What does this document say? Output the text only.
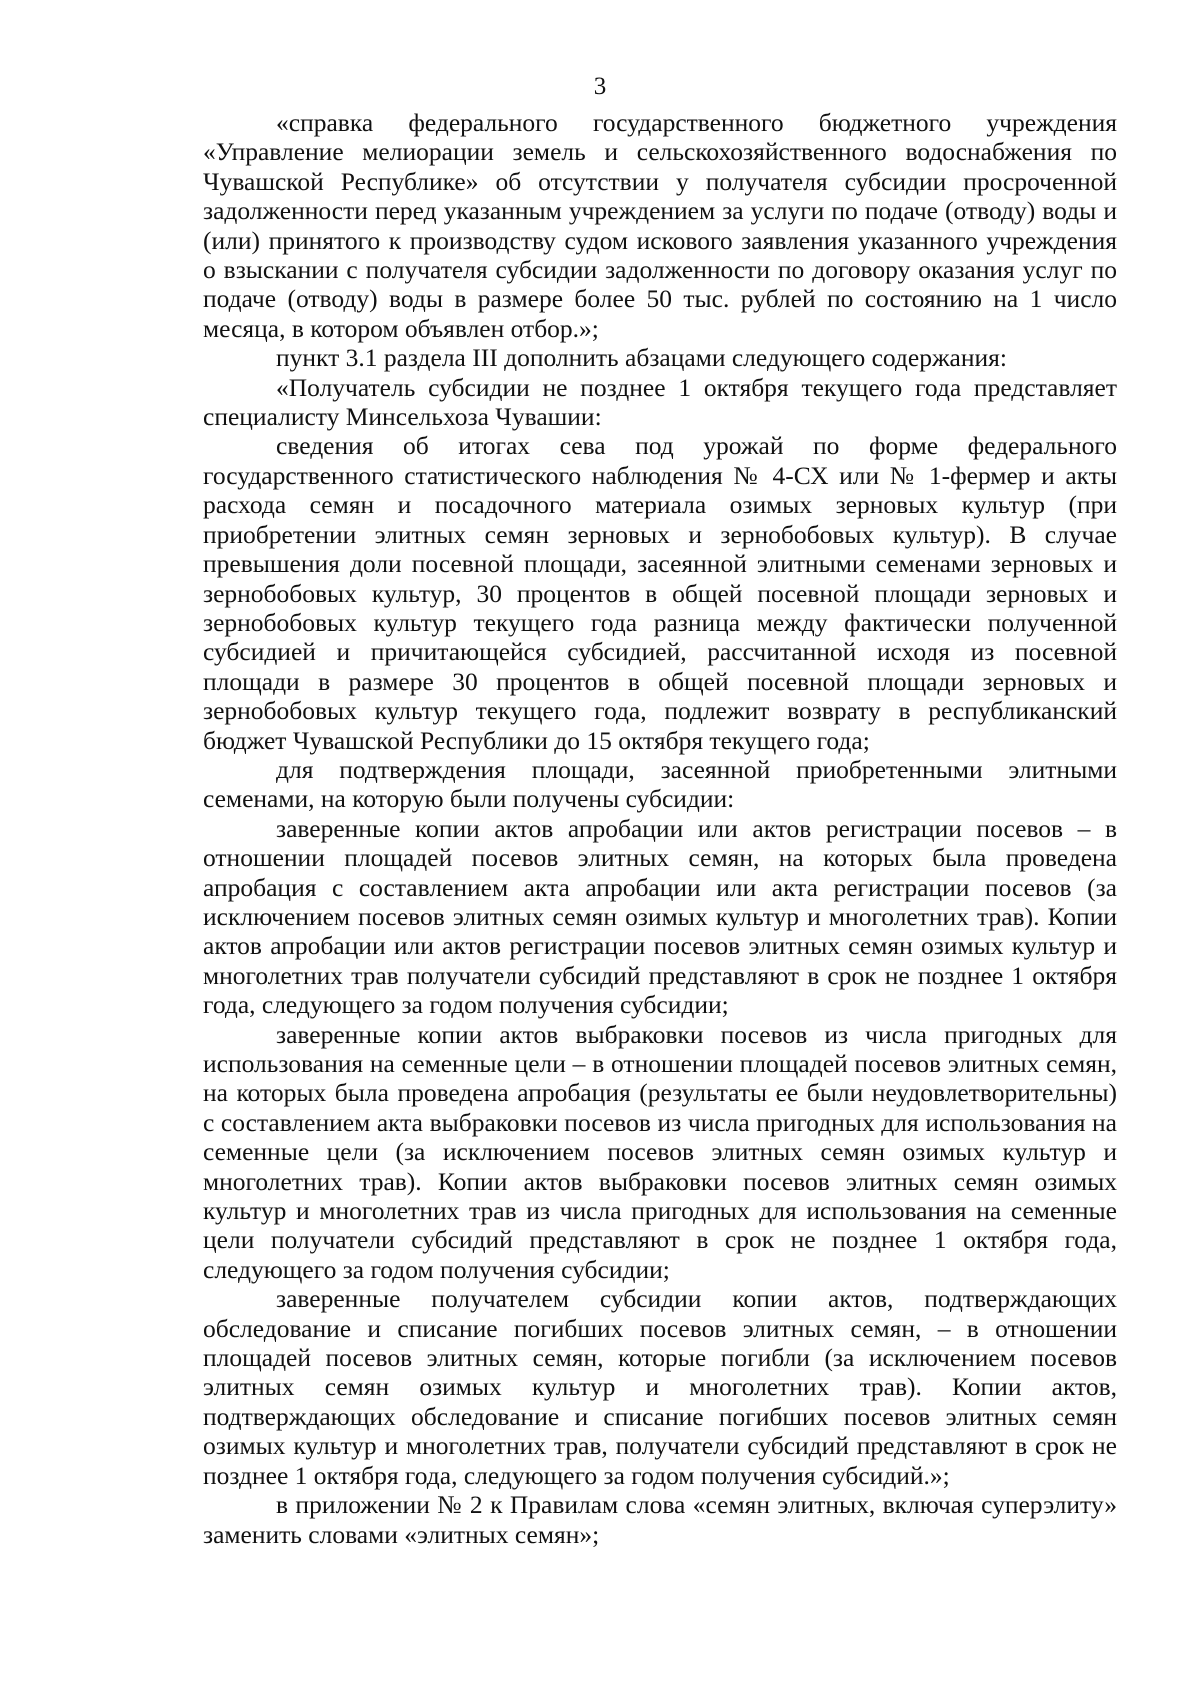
3

«справка федерального государственного бюджетного учреждения «Управление мелиорации земель и сельскохозяйственного водоснабжения по Чувашской Республике» об отсутствии у получателя субсидии просроченной задолженности перед указанным учреждением за услуги по подаче (отводу) воды и (или) принятого к производству судом искового заявления указанного учреждения о взыскании с получателя субсидии задолженности по договору оказания услуг по подаче (отводу) воды в размере более 50 тыс. рублей по состоянию на 1 число месяца, в котором объявлен отбор.»;

пункт 3.1 раздела III дополнить абзацами следующего содержания:

«Получатель субсидии не позднее 1 октября текущего года представляет специалисту Минсельхоза Чувашии:

сведения об итогах сева под урожай по форме федерального государственного статистического наблюдения № 4-СХ или № 1-фермер и акты расхода семян и посадочного материала озимых зерновых культур (при приобретении элитных семян зерновых и зернобобовых культур). В случае превышения доли посевной площади, засеянной элитными семенами зерновых и зернобобовых культур, 30 процентов в общей посевной площади зерновых и зернобобовых культур текущего года разница между фактически полученной субсидией и причитающейся субсидией, рассчитанной исходя из посевной площади в размере 30 процентов в общей посевной площади зерновых и зернобобовых культур текущего года, подлежит возврату в республиканский бюджет Чувашской Республики до 15 октября текущего года;

для подтверждения площади, засеянной приобретенными элитными семенами, на которую были получены субсидии:

заверенные копии актов апробации или актов регистрации посевов – в отношении площадей посевов элитных семян, на которых была проведена апробация с составлением акта апробации или акта регистрации посевов (за исключением посевов элитных семян озимых культур и многолетних трав). Копии актов апробации или актов регистрации посевов элитных семян озимых культур и многолетних трав получатели субсидий представляют в срок не позднее 1 октября года, следующего за годом получения субсидии;

заверенные копии актов выбраковки посевов из числа пригодных для использования на семенные цели – в отношении площадей посевов элитных семян, на которых была проведена апробация (результаты ее были неудовлетворительны) с составлением акта выбраковки посевов из числа пригодных для использования на семенные цели (за исключением посевов элитных семян озимых культур и многолетних трав). Копии актов выбраковки посевов элитных семян озимых культур и многолетних трав из числа пригодных для использования на семенные цели получатели субсидий представляют в срок не позднее 1 октября года, следующего за годом получения субсидии;

заверенные получателем субсидии копии актов, подтверждающих обследование и списание погибших посевов элитных семян, – в отношении площадей посевов элитных семян, которые погибли (за исключением посевов элитных семян озимых культур и многолетних трав). Копии актов, подтверждающих обследование и списание погибших посевов элитных семян озимых культур и многолетних трав, получатели субсидий представляют в срок не позднее 1 октября года, следующего за годом получения субсидий.»;

в приложении № 2 к Правилам слова «семян элитных, включая суперэлиту» заменить словами «элитных семян»;
